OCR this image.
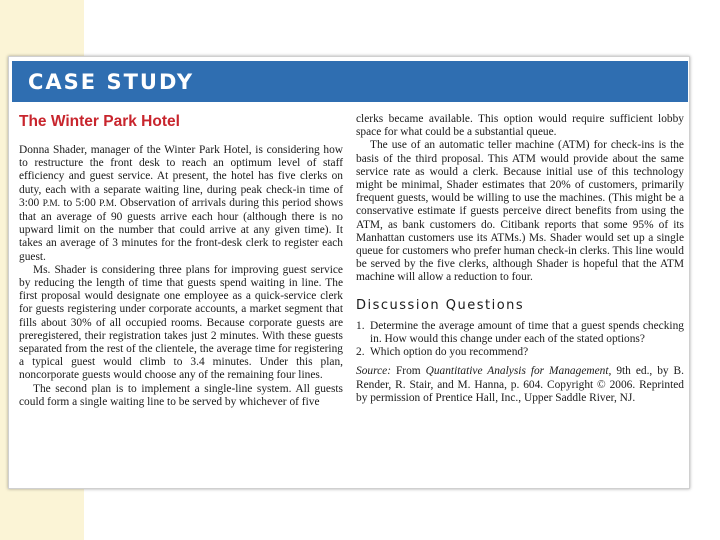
CASE STUDY
The Winter Park Hotel

Donna Shader, manager of the Winter Park Hotel, is considering how to restructure the front desk to reach an optimum level of staff efficiency and guest service. At present, the hotel has five clerks on duty, each with a separate waiting line, during peak check-in time of 3:00 P.M. to 5:00 P.M. Observation of arrivals during this period shows that an average of 90 guests arrive each hour (although there is no upward limit on the number that could arrive at any given time). It takes an average of 3 minutes for the front-desk clerk to register each guest.

Ms. Shader is considering three plans for improving guest service by reducing the length of time that guests spend waiting in line. The first proposal would designate one employee as a quick-service clerk for guests registering under corporate accounts, a market segment that fills about 30% of all occupied rooms. Because corporate guests are preregistered, their registration takes just 2 minutes. With these guests separated from the rest of the clientele, the average time for registering a typical guest would climb to 3.4 minutes. Under this plan, noncorporate guests would choose any of the remaining four lines.

The second plan is to implement a single-line system. All guests could form a single waiting line to be served by whichever of five

clerks became available. This option would require sufficient lobby space for what could be a substantial queue.

The use of an automatic teller machine (ATM) for check-ins is the basis of the third proposal. This ATM would provide about the same service rate as would a clerk. Because initial use of this technology might be minimal, Shader estimates that 20% of customers, primarily frequent guests, would be willing to use the machines. (This might be a conservative estimate if guests perceive direct benefits from using the ATM, as bank customers do. Citibank reports that some 95% of its Manhattan customers use its ATMs.) Ms. Shader would set up a single queue for customers who prefer human check-in clerks. This line would be served by the five clerks, although Shader is hopeful that the ATM machine will allow a reduction to four.

Discussion Questions
1. Determine the average amount of time that a guest spends checking in. How would this change under each of the stated options?
2. Which option do you recommend?

Source: From Quantitative Analysis for Management, 9th ed., by B. Render, R. Stair, and M. Hanna, p. 604. Copyright © 2006. Reprinted by permission of Prentice Hall, Inc., Upper Saddle River, NJ.
